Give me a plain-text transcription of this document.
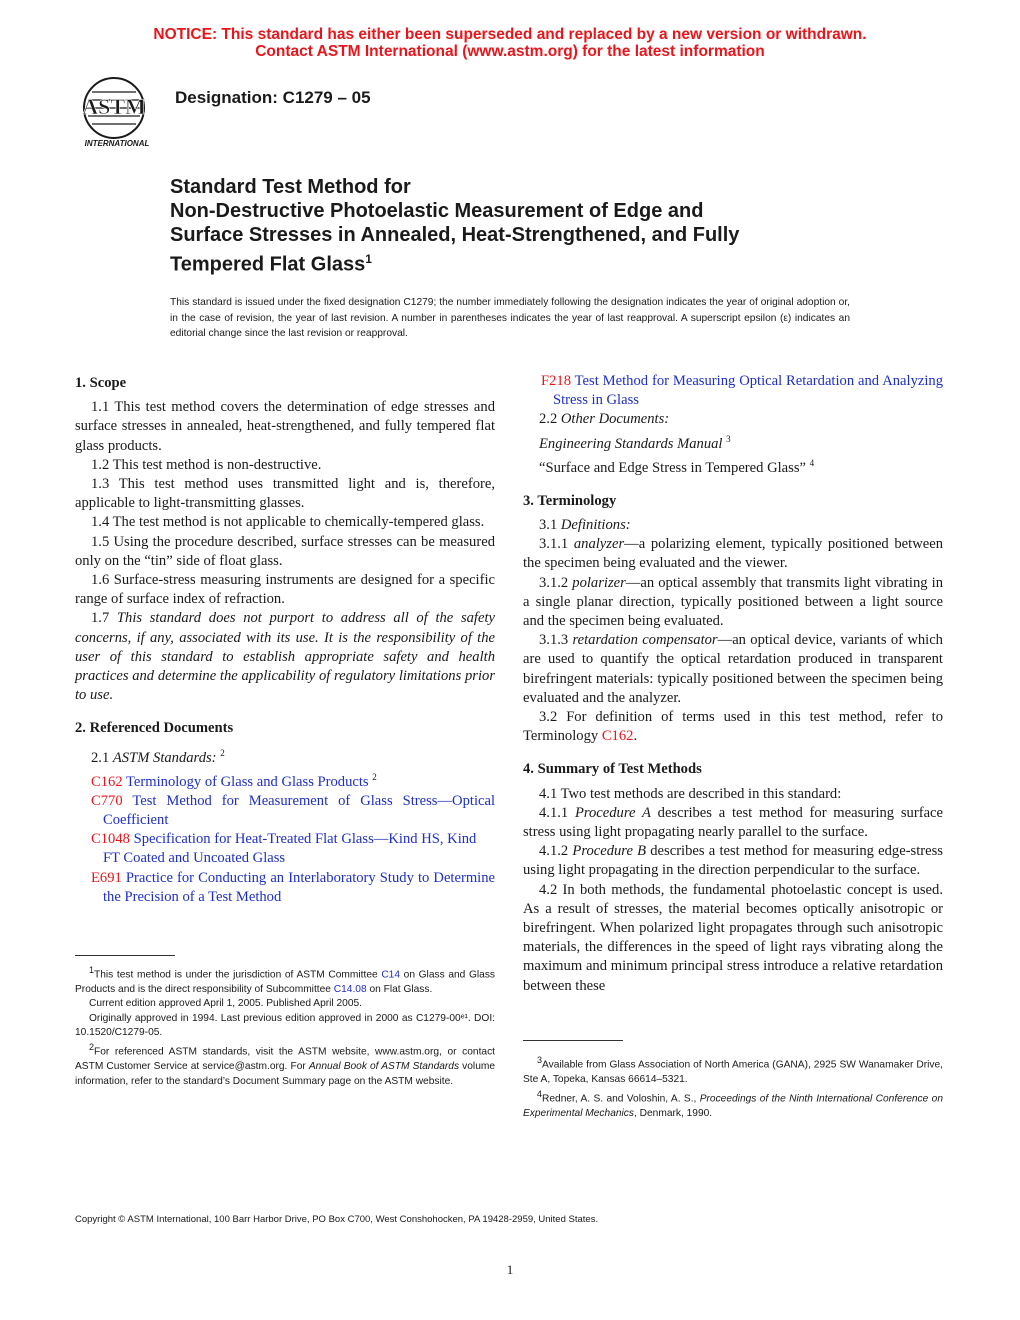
NOTICE: This standard has either been superseded and replaced by a new version or withdrawn.
Contact ASTM International (www.astm.org) for the latest information
ASTM
INTERNATIONAL
Designation: C1279 – 05
Standard Test Method for
Non-Destructive Photoelastic Measurement of Edge and
Surface Stresses in Annealed, Heat-Strengthened, and Fully
Tempered Flat Glass$^1$
This standard is issued under the fixed designation C1279; the number immediately following the designation indicates the year of original adoption or, in the case of revision, the year of last revision. A number in parentheses indicates the year of last reapproval. A superscript epsilon (ε) indicates an editorial change since the last revision or reapproval.
1. Scope

1.1 This test method covers the determination of edge stresses and surface stresses in annealed, heat-strengthened, and fully tempered flat glass products.

1.2 This test method is non-destructive.

1.3 This test method uses transmitted light and is, therefore, applicable to light-transmitting glasses.

1.4 The test method is not applicable to chemically-tempered glass.

1.5 Using the procedure described, surface stresses can be measured only on the “tin” side of float glass.

1.6 Surface-stress measuring instruments are designed for a specific range of surface index of refraction.

1.7 This standard does not purport to address all of the safety concerns, if any, associated with its use. It is the responsibility of the user of this standard to establish appropriate safety and health practices and determine the applicability of regulatory limitations prior to use.

2. Referenced Documents

2.1 ASTM Standards: $^2$

C162 Terminology of Glass and Glass Products $^2$

C770 Test Method for Measurement of Glass Stress—Optical Coefficient

C1048 Specification for Heat-Treated Flat Glass—Kind HS, Kind FT Coated and Uncoated Glass

E691 Practice for Conducting an Interlaboratory Study to Determine the Precision of a Test Method

F218 Test Method for Measuring Optical Retardation and Analyzing Stress in Glass

2.2 Other Documents:

Engineering Standards Manual $^3$

“Surface and Edge Stress in Tempered Glass” $^4$

3. Terminology

3.1 Definitions:

3.1.1 analyzer—a polarizing element, typically positioned between the specimen being evaluated and the viewer.

3.1.2 polarizer—an optical assembly that transmits light vibrating in a single planar direction, typically positioned between a light source and the specimen being evaluated.

3.1.3 retardation compensator—an optical device, variants of which are used to quantify the optical retardation produced in transparent birefringent materials: typically positioned between the specimen being evaluated and the analyzer.

3.2 For definition of terms used in this test method, refer to Terminology C162.

4. Summary of Test Methods

4.1 Two test methods are described in this standard:

4.1.1 Procedure A describes a test method for measuring surface stress using light propagating nearly parallel to the surface.

4.1.2 Procedure B describes a test method for measuring edge-stress using light propagating in the direction perpendicular to the surface.

4.2 In both methods, the fundamental photoelastic concept is used. As a result of stresses, the material becomes optically anisotropic or birefringent. When polarized light propagates through such anisotropic materials, the differences in the speed of light rays vibrating along the maximum and minimum principal stress introduce a relative retardation between these

$^1$This test method is under the jurisdiction of ASTM Committee C14 on Glass and Glass Products and is the direct responsibility of Subcommittee C14.08 on Flat Glass.

Current edition approved April 1, 2005. Published April 2005.

Originally approved in 1994. Last previous edition approved in 2000 as C1279-00ᵉ¹. DOI: 10.1520/C1279-05.

$^2$For referenced ASTM standards, visit the ASTM website, www.astm.org, or contact ASTM Customer Service at service@astm.org. For Annual Book of ASTM Standards volume information, refer to the standard’s Document Summary page on the ASTM website.

$^3$Available from Glass Association of North America (GANA), 2925 SW Wanamaker Drive, Ste A, Topeka, Kansas 66614–5321.

$^4$Redner, A. S. and Voloshin, A. S., Proceedings of the Ninth International Conference on Experimental Mechanics, Denmark, 1990.

Copyright © ASTM International, 100 Barr Harbor Drive, PO Box C700, West Conshohocken, PA 19428-2959, United States.
1
